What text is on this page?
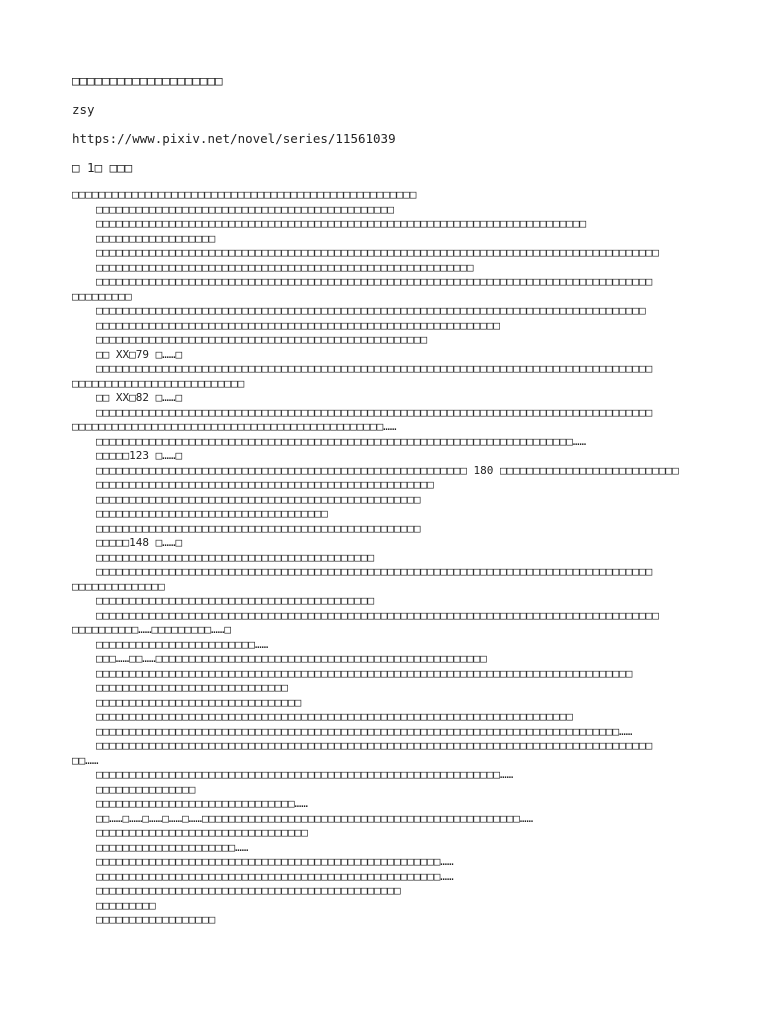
□□□□□□□□□□□□□□□□□□□□
zsy
https://www.pixiv.net/novel/series/11561039
□ 1□ □□□
□□□□□□□□□□□□□□□□□□□□□□□□□□□□□□□□□□□□□□□□□□□□□□□□□□□□
□□□□□□□□□□□□□□□□□□□□□□□□□□□□□□□□□□□□□□□□□□□□□
□□□□□□□□□□□□□□□□□□□□□□□□□□□□□□□□□□□□□□□□□□□□□□□□□□□□□□□□□□□□□□□□□□□□□□□□□□
□□□□□□□□□□□□□□□□□□
□□□□□□□□□□□□□□□□□□□□□□□□□□□□□□□□□□□□□□□□□□□□□□□□□□□□□□□□□□□□□□□□□□□□□□□□□□□□□□□□□□□□□
□□□□□□□□□□□□□□□□□□□□□□□□□□□□□□□□□□□□□□□□□□□□□□□□□□□□□□□□□
□□□□□□□□□□□□□□□□□□□□□□□□□□□□□□□□□□□□□□□□□□□□□□□□□□□□□□□□□□□□□□□□□□□□□□□□□□□□□□□□□□□□
□□□□□□□□□
□□□□□□□□□□□□□□□□□□□□□□□□□□□□□□□□□□□□□□□□□□□□□□□□□□□□□□□□□□□□□□□□□□□□□□□□□□□□□□□□□□□
□□□□□□□□□□□□□□□□□□□□□□□□□□□□□□□□□□□□□□□□□□□□□□□□□□□□□□□□□□□□□
□□□□□□□□□□□□□□□□□□□□□□□□□□□□□□□□□□□□□□□□□□□□□□□□□□
□□ XX□79 □……□
□□□□□□□□□□□□□□□□□□□□□□□□□□□□□□□□□□□□□□□□□□□□□□□□□□□□□□□□□□□□□□□□□□□□□□□□□□□□□□□□□□□□
□□□□□□□□□□□□□□□□□□□□□□□□□□
□□ XX□82 □……□
□□□□□□□□□□□□□□□□□□□□□□□□□□□□□□□□□□□□□□□□□□□□□□□□□□□□□□□□□□□□□□□□□□□□□□□□□□□□□□□□□□□□
□□□□□□□□□□□□□□□□□□□□□□□□□□□□□□□□□□□□□□□□□□□□□□□……
□□□□□□□□□□□□□□□□□□□□□□□□□□□□□□□□□□□□□□□□□□□□□□□□□□□□□□□□□□□□□□□□□□□□□□□□……
□□□□□123 □……□
□□□□□□□□□□□□□□□□□□□□□□□□□□□□□□□□□□□□□□□□□□□□□□□□□□□□□□□□ 180 □□□□□□□□□□□□□□□□□□□□□□□□□□□
□□□□□□□□□□□□□□□□□□□□□□□□□□□□□□□□□□□□□□□□□□□□□□□□□□□
□□□□□□□□□□□□□□□□□□□□□□□□□□□□□□□□□□□□□□□□□□□□□□□□□
□□□□□□□□□□□□□□□□□□□□□□□□□□□□□□□□□□□
□□□□□□□□□□□□□□□□□□□□□□□□□□□□□□□□□□□□□□□□□□□□□□□□□
□□□□□148 □……□
□□□□□□□□□□□□□□□□□□□□□□□□□□□□□□□□□□□□□□□□□□
□□□□□□□□□□□□□□□□□□□□□□□□□□□□□□□□□□□□□□□□□□□□□□□□□□□□□□□□□□□□□□□□□□□□□□□□□□□□□□□□□□□□
□□□□□□□□□□□□□□
□□□□□□□□□□□□□□□□□□□□□□□□□□□□□□□□□□□□□□□□□□
□□□□□□□□□□□□□□□□□□□□□□□□□□□□□□□□□□□□□□□□□□□□□□□□□□□□□□□□□□□□□□□□□□□□□□□□□□□□□□□□□□□□□
□□□□□□□□□□……□□□□□□□□□……□
□□□□□□□□□□□□□□□□□□□□□□□□……
□□□……□□……□□□□□□□□□□□□□□□□□□□□□□□□□□□□□□□□□□□□□□□□□□□□□□□□□□
□□□□□□□□□□□□□□□□□□□□□□□□□□□□□□□□□□□□□□□□□□□□□□□□□□□□□□□□□□□□□□□□□□□□□□□□□□□□□□□□□
□□□□□□□□□□□□□□□□□□□□□□□□□□□□□
□□□□□□□□□□□□□□□□□□□□□□□□□□□□□□□
□□□□□□□□□□□□□□□□□□□□□□□□□□□□□□□□□□□□□□□□□□□□□□□□□□□□□□□□□□□□□□□□□□□□□□□□
□□□□□□□□□□□□□□□□□□□□□□□□□□□□□□□□□□□□□□□□□□□□□□□□□□□□□□□□□□□□□□□□□□□□□□□□□□□□□□□……
□□□□□□□□□□□□□□□□□□□□□□□□□□□□□□□□□□□□□□□□□□□□□□□□□□□□□□□□□□□□□□□□□□□□□□□□□□□□□□□□□□□□
□□……
□□□□□□□□□□□□□□□□□□□□□□□□□□□□□□□□□□□□□□□□□□□□□□□□□□□□□□□□□□□□□……
□□□□□□□□□□□□□□□
□□□□□□□□□□□□□□□□□□□□□□□□□□□□□□……
□□……□……□……□……□……□□□□□□□□□□□□□□□□□□□□□□□□□□□□□□□□□□□□□□□□□□□□□□□□……
□□□□□□□□□□□□□□□□□□□□□□□□□□□□□□□□
□□□□□□□□□□□□□□□□□□□□□……
□□□□□□□□□□□□□□□□□□□□□□□□□□□□□□□□□□□□□□□□□□□□□□□□□□□□……
□□□□□□□□□□□□□□□□□□□□□□□□□□□□□□□□□□□□□□□□□□□□□□□□□□□□……
□□□□□□□□□□□□□□□□□□□□□□□□□□□□□□□□□□□□□□□□□□□□□□
□□□□□□□□□
□□□□□□□□□□□□□□□□□□
